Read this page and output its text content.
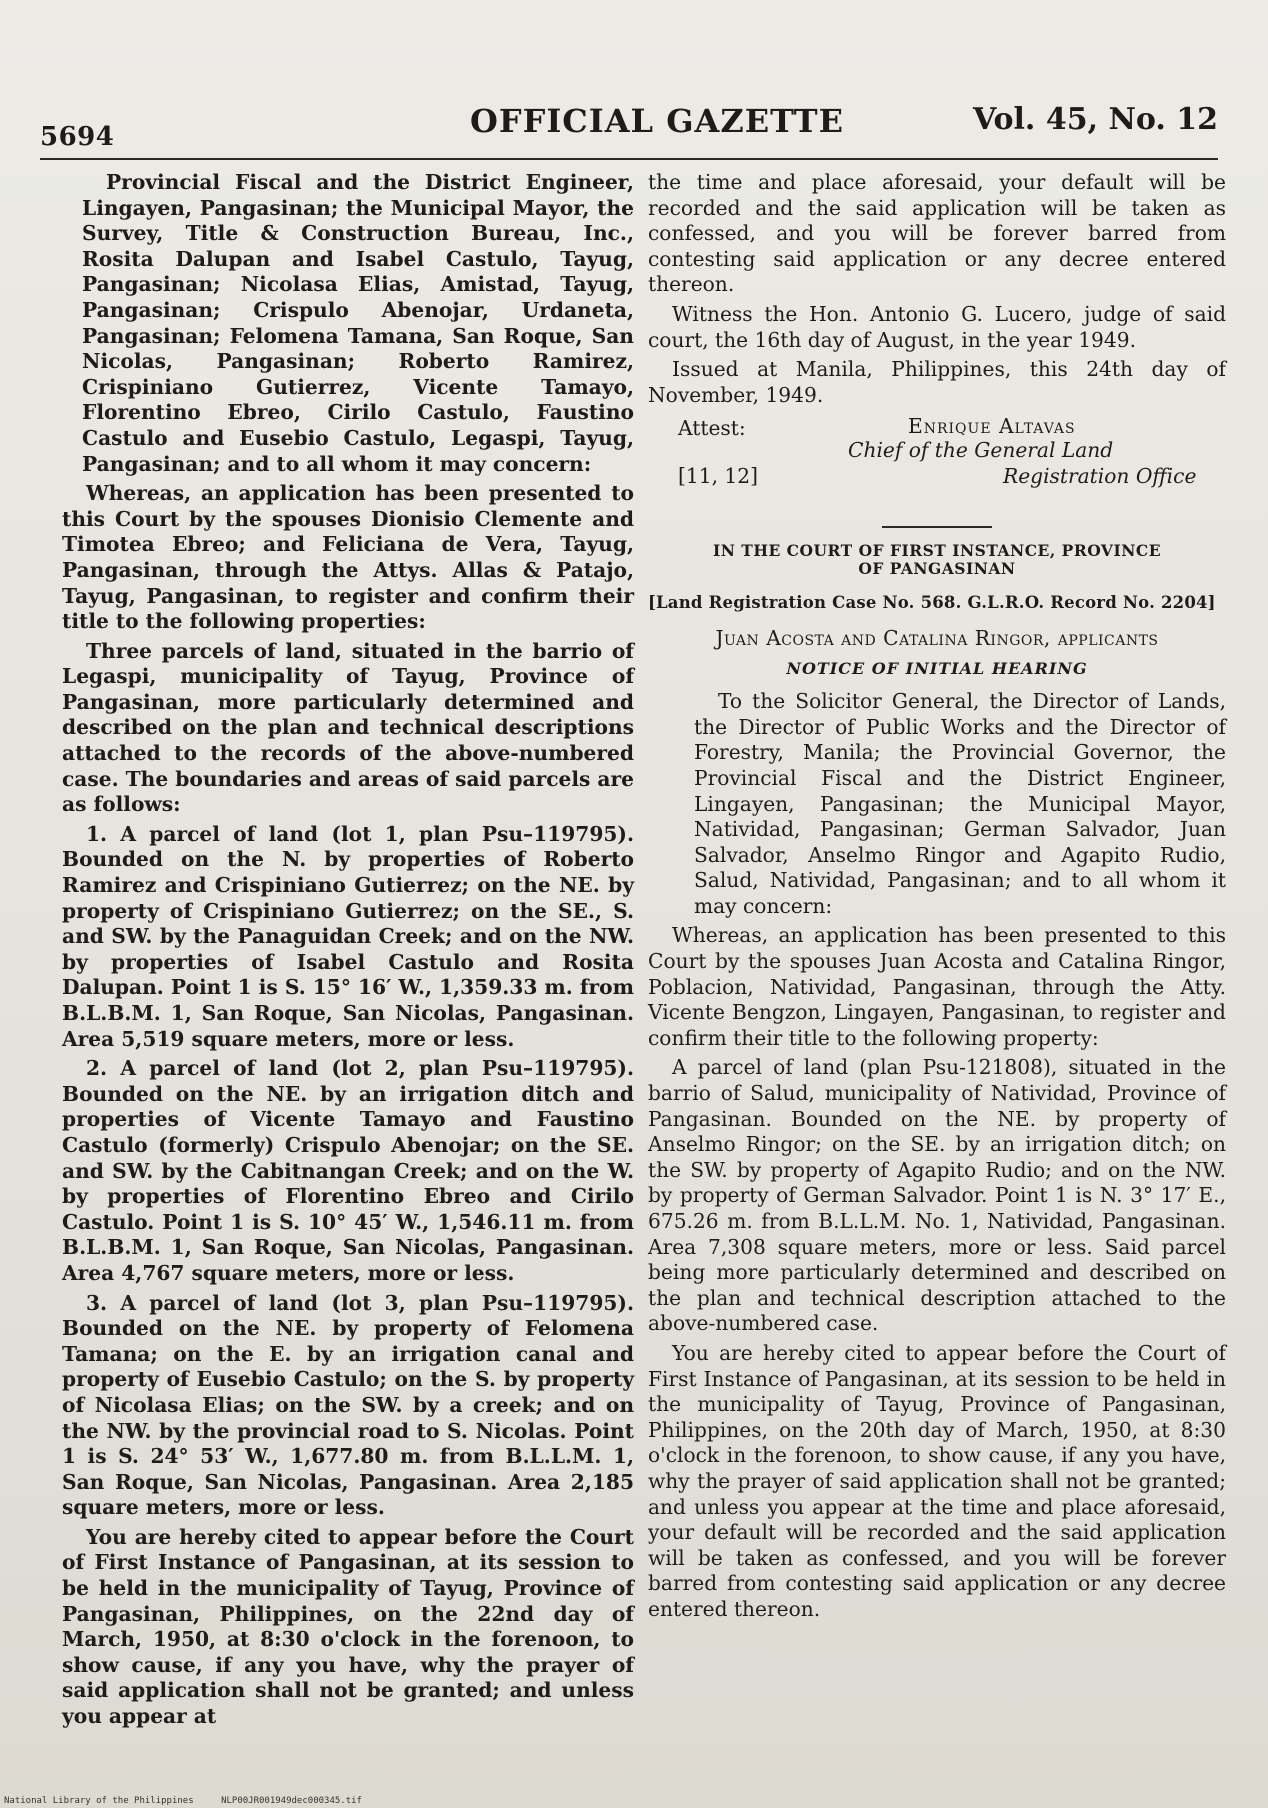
5694	OFFICIAL GAZETTE	Vol. 45, No. 12

Provincial Fiscal and the District Engineer, Lingayen, Pangasinan; the Municipal Mayor, the Survey, Title & Construction Bureau, Inc., Rosita Dalupan and Isabel Castulo, Tayug, Pangasinan; Nicolasa Elias, Amistad, Tayug, Pangasinan; Crispulo Abenojar, Urdaneta, Pangasinan; Felomena Tamana, San Roque, San Nicolas, Pangasinan; Roberto Ramirez, Crispiniano Gutierrez, Vicente Tamayo, Florentino Ebreo, Cirilo Castulo, Faustino Castulo and Eusebio Castulo, Legaspi, Tayug, Pangasinan; and to all whom it may concern:

Whereas, an application has been presented to this Court by the spouses Dionisio Clemente and Timotea Ebreo; and Feliciana de Vera, Tayug, Pangasinan, through the Attys. Allas & Patajo, Tayug, Pangasinan, to register and confirm their title to the following properties:

Three parcels of land, situated in the barrio of Legaspi, municipality of Tayug, Province of Pangasinan, more particularly determined and described on the plan and technical descriptions attached to the records of the above-numbered case. The boundaries and areas of said parcels are as follows:

1. A parcel of land (lot 1, plan Psu–119795). Bounded on the N. by properties of Roberto Ramirez and Crispiniano Gutierrez; on the NE. by property of Crispiniano Gutierrez; on the SE., S. and SW. by the Panaguidan Creek; and on the NW. by properties of Isabel Castulo and Rosita Dalupan. Point 1 is S. 15° 16′ W., 1,359.33 m. from B.L.B.M. 1, San Roque, San Nicolas, Pangasinan. Area 5,519 square meters, more or less.

2. A parcel of land (lot 2, plan Psu–119795). Bounded on the NE. by an irrigation ditch and properties of Vicente Tamayo and Faustino Castulo (formerly) Crispulo Abenojar; on the SE. and SW. by the Cabitnangan Creek; and on the W. by properties of Florentino Ebreo and Cirilo Castulo. Point 1 is S. 10° 45′ W., 1,546.11 m. from B.L.B.M. 1, San Roque, San Nicolas, Pangasinan. Area 4,767 square meters, more or less.

3. A parcel of land (lot 3, plan Psu–119795). Bounded on the NE. by property of Felomena Tamana; on the E. by an irrigation canal and property of Eusebio Castulo; on the S. by property of Nicolasa Elias; on the SW. by a creek; and on the NW. by the provincial road to S. Nicolas. Point 1 is S. 24° 53′ W., 1,677.80 m. from B.L.L.M. 1, San Roque, San Nicolas, Pangasinan. Area 2,185 square meters, more or less.

You are hereby cited to appear before the Court of First Instance of Pangasinan, at its session to be held in the municipality of Tayug, Province of Pangasinan, Philippines, on the 22nd day of March, 1950, at 8:30 o'clock in the forenoon, to show cause, if any you have, why the prayer of said application shall not be granted; and unless you appear at

the time and place aforesaid, your default will be recorded and the said application will be taken as confessed, and you will be forever barred from contesting said application or any decree entered thereon.

Witness the Hon. Antonio G. Lucero, judge of said court, the 16th day of August, in the year 1949.

Issued at Manila, Philippines, this 24th day of November, 1949.

Attest:	Enrique Altavas
Chief of the General Land
[11, 12]	Registration Office
IN THE COURT OF FIRST INSTANCE, PROVINCE
OF PANGASINAN
[Land Registration Case No. 568. G.L.R.O. Record No. 2204]
Juan Acosta and Catalina Ringor, applicants
NOTICE OF INITIAL HEARING

To the Solicitor General, the Director of Lands, the Director of Public Works and the Director of Forestry, Manila; the Provincial Governor, the Provincial Fiscal and the District Engineer, Lingayen, Pangasinan; the Municipal Mayor, Natividad, Pangasinan; German Salvador, Juan Salvador, Anselmo Ringor and Agapito Rudio, Salud, Natividad, Pangasinan; and to all whom it may concern:

Whereas, an application has been presented to this Court by the spouses Juan Acosta and Catalina Ringor, Poblacion, Natividad, Pangasinan, through the Atty. Vicente Bengzon, Lingayen, Pangasinan, to register and confirm their title to the following property:

A parcel of land (plan Psu-121808), situated in the barrio of Salud, municipality of Natividad, Province of Pangasinan. Bounded on the NE. by property of Anselmo Ringor; on the SE. by an irrigation ditch; on the SW. by property of Agapito Rudio; and on the NW. by property of German Salvador. Point 1 is N. 3° 17′ E., 675.26 m. from B.L.L.M. No. 1, Natividad, Pangasinan. Area 7,308 square meters, more or less. Said parcel being more particularly determined and described on the plan and technical description attached to the above-numbered case.

You are hereby cited to appear before the Court of First Instance of Pangasinan, at its session to be held in the municipality of Tayug, Province of Pangasinan, Philippines, on the 20th day of March, 1950, at 8:30 o'clock in the forenoon, to show cause, if any you have, why the prayer of said application shall not be granted; and unless you appear at the time and place aforesaid, your default will be recorded and the said application will be taken as confessed, and you will be forever barred from contesting said application or any decree entered thereon.

National Library of the Philippines	NLP00JR001949dec000345.tif
